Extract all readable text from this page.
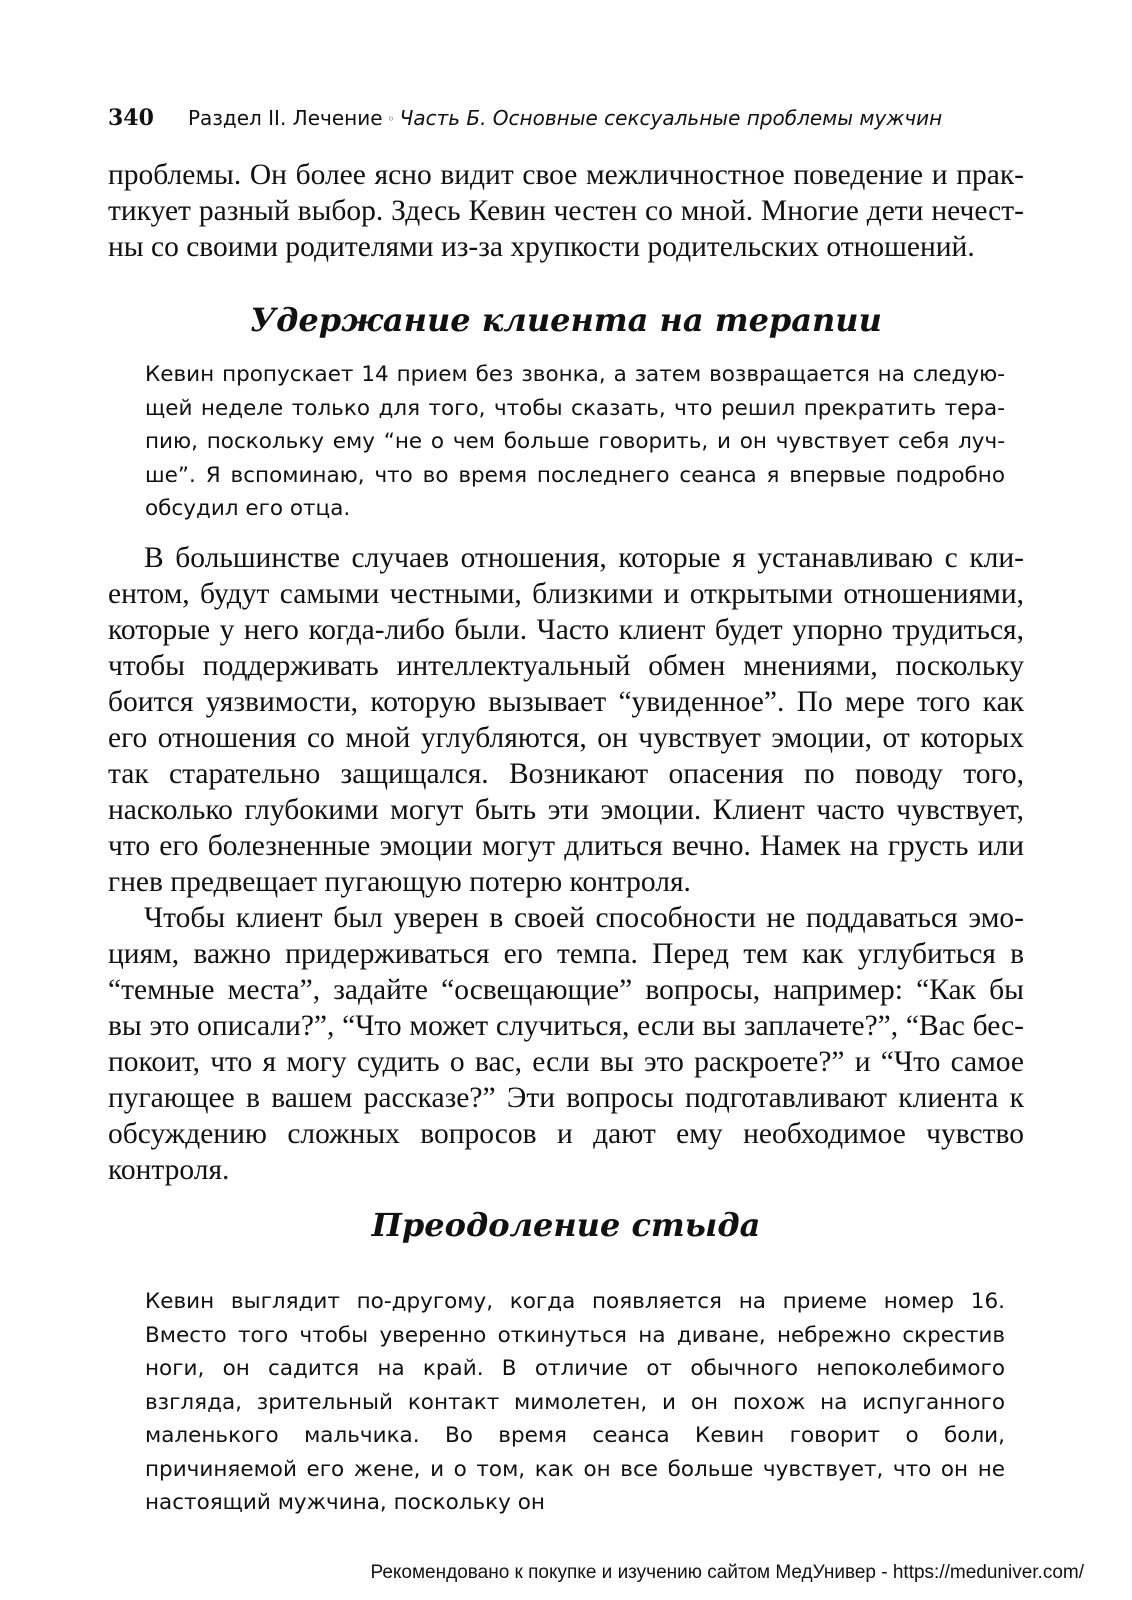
340 Раздел II. Лечение ◦ Часть Б. Основные сексуальные проблемы мужчин

проблемы. Он более ясно видит свое межличностное поведение и практикует разный выбор. Здесь Кевин честен со мной. Многие дети нечестны со своими родителями из-за хрупкости родительских отношений.

Удержание клиента на терапии

Кевин пропускает 14 прием без звонка, а затем возвращается на следующей неделе только для того, чтобы сказать, что решил прекратить терапию, поскольку ему “не о чем больше говорить, и он чувствует себя лучше”. Я вспоминаю, что во время последнего сеанса я впервые подробно обсудил его отца.

В большинстве случаев отношения, которые я устанавливаю с клиентом, будут самыми честными, близкими и открытыми отношениями, которые у него когда-либо были. Часто клиент будет упорно трудиться, чтобы поддерживать интеллектуальный обмен мнениями, поскольку боится уязвимости, которую вызывает “увиденное”. По мере того как его отношения со мной углубляются, он чувствует эмоции, от которых так старательно защищался. Возникают опасения по поводу того, насколько глубокими могут быть эти эмоции. Клиент часто чувствует, что его болезненные эмоции могут длиться вечно. Намек на грусть или гнев предвещает пугающую потерю контроля.

Чтобы клиент был уверен в своей способности не поддаваться эмоциям, важно придерживаться его темпа. Перед тем как углубиться в “темные места”, задайте “освещающие” вопросы, например: “Как бы вы это описали?”, “Что может случиться, если вы заплачете?”, “Вас беспокоит, что я могу судить о вас, если вы это раскроете?” и “Что самое пугающее в вашем рассказе?” Эти вопросы подготавливают клиента к обсуждению сложных вопросов и дают ему необходимое чувство контроля.

Преодоление стыда

Кевин выглядит по-другому, когда появляется на приеме номер 16. Вместо того чтобы уверенно откинуться на диване, небрежно скрестив ноги, он садится на край. В отличие от обычного непоколебимого взгляда, зрительный контакт мимолетен, и он похож на испуганного маленького мальчика. Во время сеанса Кевин говорит о боли, причиняемой его жене, и о том, как он все больше чувствует, что он не настоящий мужчина, поскольку он

Рекомендовано к покупке и изучению сайтом МедУнивер - https://meduniver.com/
